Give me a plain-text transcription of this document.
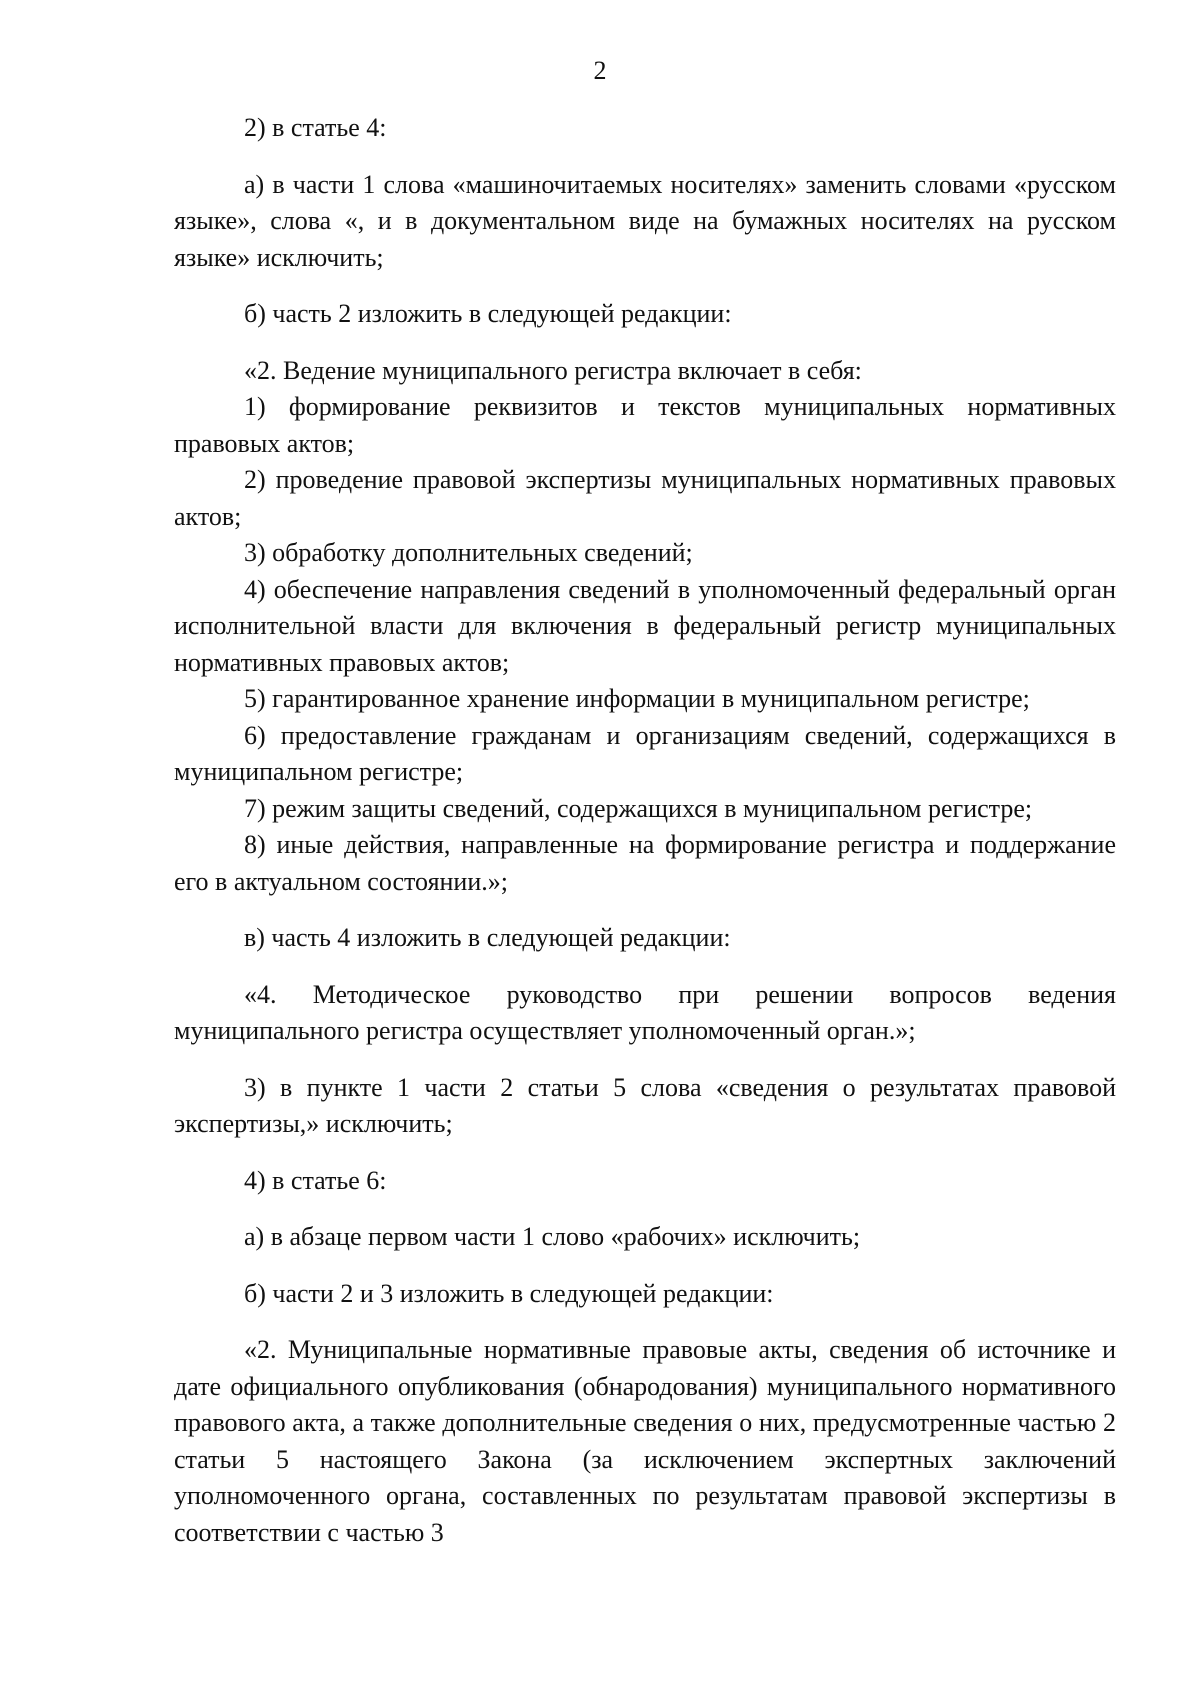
2

2) в статье 4:

а) в части 1 слова «машиночитаемых носителях» заменить словами «русском языке», слова «, и в документальном виде на бумажных носителях на русском языке» исключить;

б) часть 2 изложить в следующей редакции:

«2. Ведение муниципального регистра включает в себя:

1) формирование реквизитов и текстов муниципальных нормативных правовых актов;

2) проведение правовой экспертизы муниципальных нормативных правовых актов;

3) обработку дополнительных сведений;

4) обеспечение направления сведений в уполномоченный федеральный орган исполнительной власти для включения в федеральный регистр муниципальных нормативных правовых актов;

5) гарантированное хранение информации в муниципальном регистре;

6) предоставление гражданам и организациям сведений, содержащихся в муниципальном регистре;

7) режим защиты сведений, содержащихся в муниципальном регистре;

8) иные действия, направленные на формирование регистра и поддержание его в актуальном состоянии.»;

в) часть 4 изложить в следующей редакции:

«4. Методическое руководство при решении вопросов ведения муниципального регистра осуществляет уполномоченный орган.»;

3) в пункте 1 части 2 статьи 5 слова «сведения о результатах правовой экспертизы,» исключить;

4) в статье 6:

а) в абзаце первом части 1 слово «рабочих» исключить;

б) части 2 и 3 изложить в следующей редакции:

«2. Муниципальные нормативные правовые акты, сведения об источнике и дате официального опубликования (обнародования) муниципального нормативного правового акта, а также дополнительные сведения о них, предусмотренные частью 2 статьи 5 настоящего Закона (за исключением экспертных заключений уполномоченного органа, составленных по результатам правовой экспертизы в соответствии с частью 3
